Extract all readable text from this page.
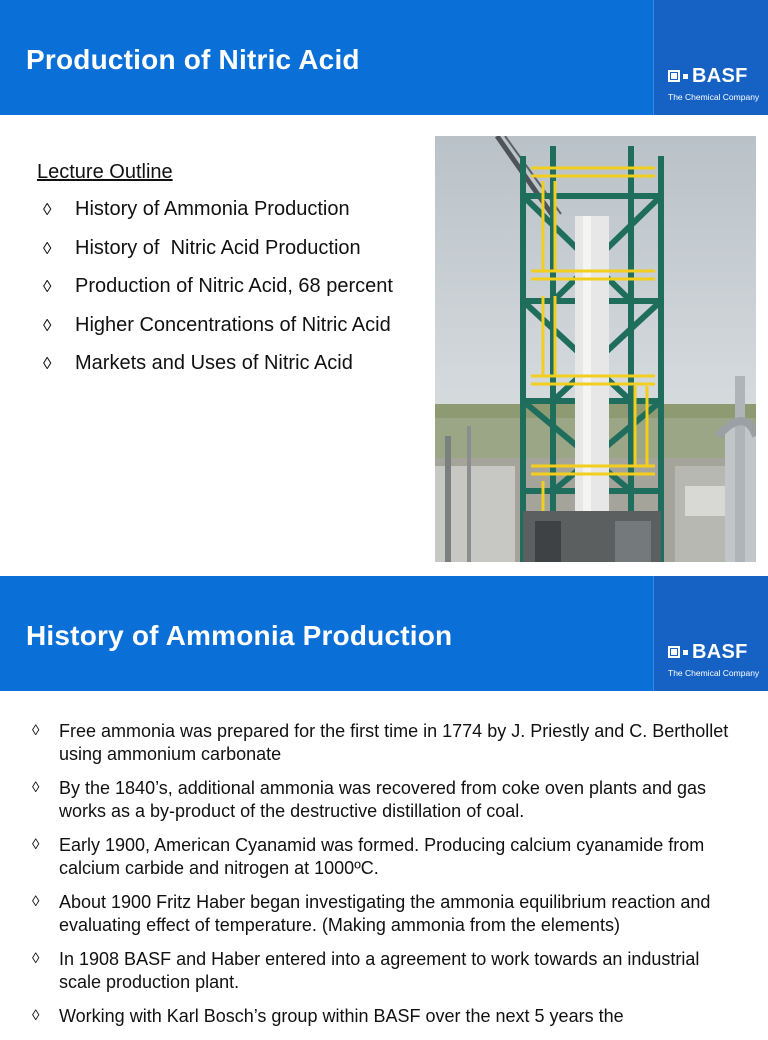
Production of Nitric Acid
BASF
The Chemical Company
Lecture Outline
◊	History of Ammonia Production
◊	History of  Nitric Acid Production
◊	Production of Nitric Acid, 68 percent
◊	Higher Concentrations of Nitric Acid
◊	Markets and Uses of Nitric Acid
History of Ammonia Production
BASF
The Chemical Company
◊	Free ammonia was prepared for the first time in 1774 by J. Priestly and C. Berthollet using ammonium carbonate
◊	By the 1840’s, additional ammonia was recovered from coke oven plants and gas works as a by-product of the destructive distillation of coal.
◊	Early 1900, American Cyanamid was formed. Producing calcium cyanamide from calcium carbide and nitrogen at 1000ºC.
◊	About 1900 Fritz Haber began investigating the ammonia equilibrium reaction and evaluating effect of temperature. (Making ammonia from the elements)
◊	In 1908 BASF and Haber entered into a agreement to work towards an industrial scale production plant.
◊	Working with Karl Bosch’s group within BASF over the next 5 years the
